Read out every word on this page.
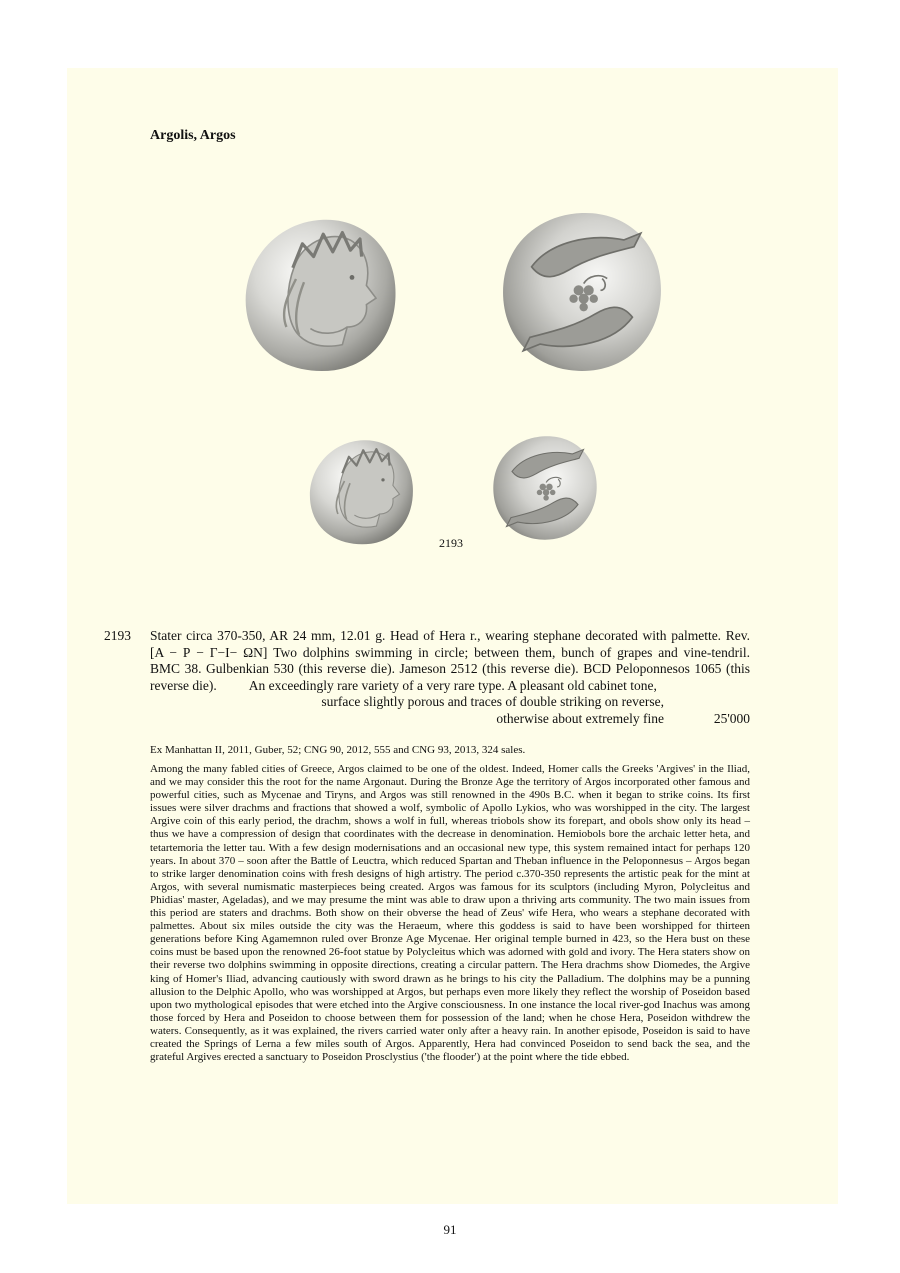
Argolis, Argos
2193
2193 Stater circa 370-350, AR 24 mm, 12.01 g. Head of Hera r., wearing stephane decorated with palmette. Rev.
[Α − Ρ − Γ−Ι− ΩΝ] Two dolphins swimming in circle; between them, bunch of grapes and vine-tendril.
BMC 38. Gulbenkian 530 (this reverse die). Jameson 2512 (this reverse die). BCD Peloponnesos 1065 (this
reverse die). An exceedingly rare variety of a very rare type. A pleasant old cabinet tone,
surface slightly porous and traces of double striking on reverse,
otherwise about extremely fine	25'000
Ex Manhattan II, 2011, Guber, 52; CNG 90, 2012, 555 and CNG 93, 2013, 324 sales.
Among the many fabled cities of Greece, Argos claimed to be one of the oldest. Indeed, Homer calls the Greeks 'Argives' in the Iliad, and we may consider this the root for the name Argonaut. During the Bronze Age the territory of Argos incorporated other famous and powerful cities, such as Mycenae and Tiryns, and Argos was still renowned in the 490s B.C. when it began to strike coins. Its first issues were silver drachms and fractions that showed a wolf, symbolic of Apollo Lykios, who was worshipped in the city. The largest Argive coin of this early period, the drachm, shows a wolf in full, whereas triobols show its forepart, and obols show only its head – thus we have a compression of design that coordinates with the decrease in denomination. Hemiobols bore the archaic letter heta, and tetartemoria the letter tau. With a few design modernisations and an occasional new type, this system remained intact for perhaps 120 years. In about 370 – soon after the Battle of Leuctra, which reduced Spartan and Theban influence in the Peloponnesus – Argos began to strike larger denomination coins with fresh designs of high artistry. The period c.370-350 represents the artistic peak for the mint at Argos, with several numismatic masterpieces being created. Argos was famous for its sculptors (including Myron, Polycleitus and Phidias' master, Ageladas), and we may presume the mint was able to draw upon a thriving arts community. The two main issues from this period are staters and drachms. Both show on their obverse the head of Zeus' wife Hera, who wears a stephane decorated with palmettes. About six miles outside the city was the Heraeum, where this goddess is said to have been worshipped for thirteen generations before King Agamemnon ruled over Bronze Age Mycenae. Her original temple burned in 423, so the Hera bust on these coins must be based upon the renowned 26-foot statue by Polycleitus which was adorned with gold and ivory. The Hera staters show on their reverse two dolphins swimming in opposite directions, creating a circular pattern. The Hera drachms show Diomedes, the Argive king of Homer's Iliad, advancing cautiously with sword drawn as he brings to his city the Palladium. The dolphins may be a punning allusion to the Delphic Apollo, who was worshipped at Argos, but perhaps even more likely they reflect the worship of Poseidon based upon two mythological episodes that were etched into the Argive consciousness. In one instance the local river-god Inachus was among those forced by Hera and Poseidon to choose between them for possession of the land; when he chose Hera, Poseidon withdrew the waters. Consequently, as it was explained, the rivers carried water only after a heavy rain. In another episode, Poseidon is said to have created the Springs of Lerna a few miles south of Argos. Apparently, Hera had convinced Poseidon to send back the sea, and the grateful Argives erected a sanctuary to Poseidon Prosclystius ('the flooder') at the point where the tide ebbed.
91
